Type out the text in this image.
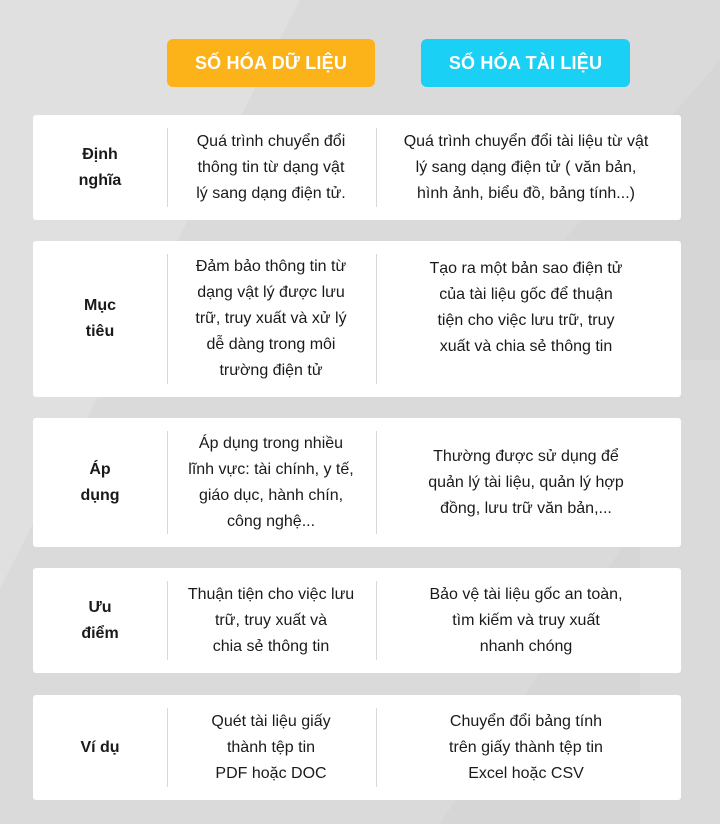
SỐ HÓA DỮ LIỆU	SỐ HÓA TÀI LIỆU
Định
nghĩa
Quá trình chuyển đổi
thông tin từ dạng vật
lý sang dạng điện tử.
Quá trình chuyển đổi tài liệu từ vật
lý sang dạng điện tử ( văn bản,
hình ảnh, biểu đồ, bảng tính...)
Mục
tiêu
Đảm bảo thông tin từ
dạng vật lý được lưu
trữ, truy xuất và xử lý
dễ dàng trong môi
trường điện tử
Tạo ra một bản sao điện tử
của tài liệu gốc để thuận
tiện cho việc lưu trữ, truy
xuất và chia sẻ thông tin
Áp
dụng
Áp dụng trong nhiều
lĩnh vực: tài chính, y tế,
giáo dục, hành chín,
công nghệ...
Thường được sử dụng để
quản lý tài liệu, quản lý hợp
đồng, lưu trữ văn bản,...
Ưu
điểm
Thuận tiện cho việc lưu
trữ, truy xuất và
chia sẻ thông tin
Bảo vệ tài liệu gốc an toàn,
tìm kiếm và truy xuất
nhanh chóng
Ví dụ
Quét tài liệu giấy
thành tệp tin
PDF hoặc DOC
Chuyển đổi bảng tính
trên giấy thành tệp tin
Excel hoặc CSV
